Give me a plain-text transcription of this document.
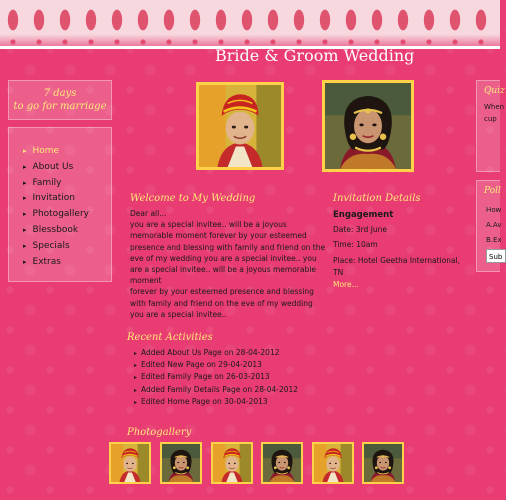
Bride & Groom Wedding
7 days
to go for marriage
▸ Home
▸ About Us
▸ Family
▸ Invitation
▸ Photogallery
▸ Blessbook
▸ Specials
▸ Extras
Welcome to My Wedding

Dear all...

you are a special invitee.. will be a joyous memorable moment forever by your esteemed presence and blessing with family and friend on the eve of my wedding you are a special invitee.. you are a special invitee.. will be a joyous memorable moment

forever by your esteemed presence and blessing with family and friend on the eve of my wedding you are a special invitee..

Invitation Details
Engagement
Date: 3rd June
Time: 10am
Place: Hotel Geetha International, TN
More...
Recent Activities
▸ Added About Us Page on 28-04-2012
▸ Edited New Page on 29-04-2013
▸ Edited Family Page on 26-03-2013
▸ Added Family Details Page on 28-04-2012
▸ Edited Home Page on 30-04-2013
Photogallery
Quiz
When
cup
Poll
How
A.Av
B.Ex
Sub
